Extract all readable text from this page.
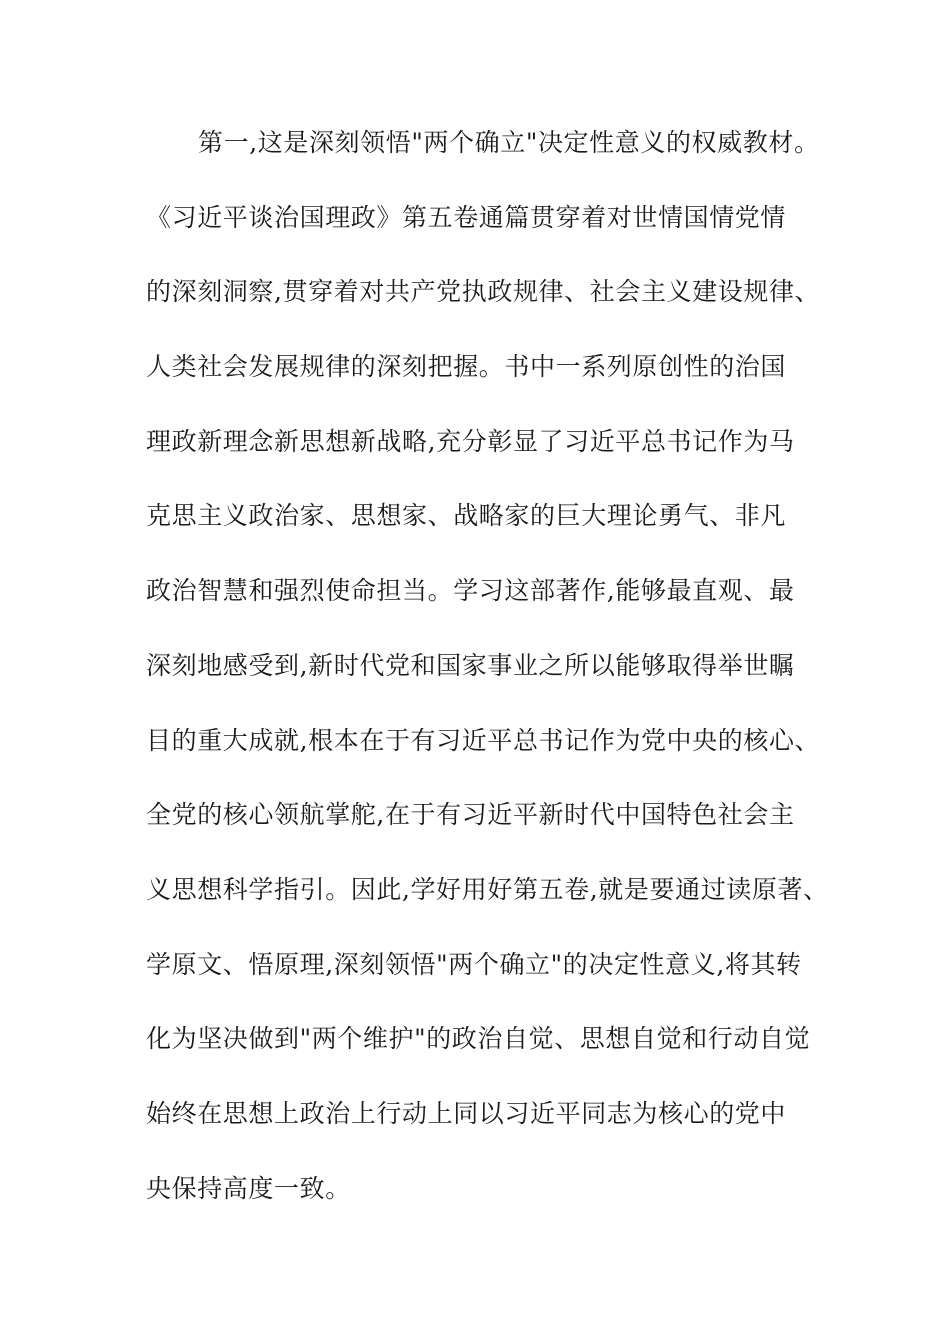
第一,这是深刻领悟"两个确立"决定性意义的权威教材。
《习近平谈治国理政》第五卷通篇贯穿着对世情国情党情
的深刻洞察,贯穿着对共产党执政规律、社会主义建设规律、
人类社会发展规律的深刻把握。书中一系列原创性的治国
理政新理念新思想新战略,充分彰显了习近平总书记作为马
克思主义政治家、思想家、战略家的巨大理论勇气、非凡
政治智慧和强烈使命担当。学习这部著作,能够最直观、最
深刻地感受到,新时代党和国家事业之所以能够取得举世瞩
目的重大成就,根本在于有习近平总书记作为党中央的核心、
全党的核心领航掌舵,在于有习近平新时代中国特色社会主
义思想科学指引。因此,学好用好第五卷,就是要通过读原著、
学原文、悟原理,深刻领悟"两个确立"的决定性意义,将其转
化为坚决做到"两个维护"的政治自觉、思想自觉和行动自觉
始终在思想上政治上行动上同以习近平同志为核心的党中
央保持高度一致。
